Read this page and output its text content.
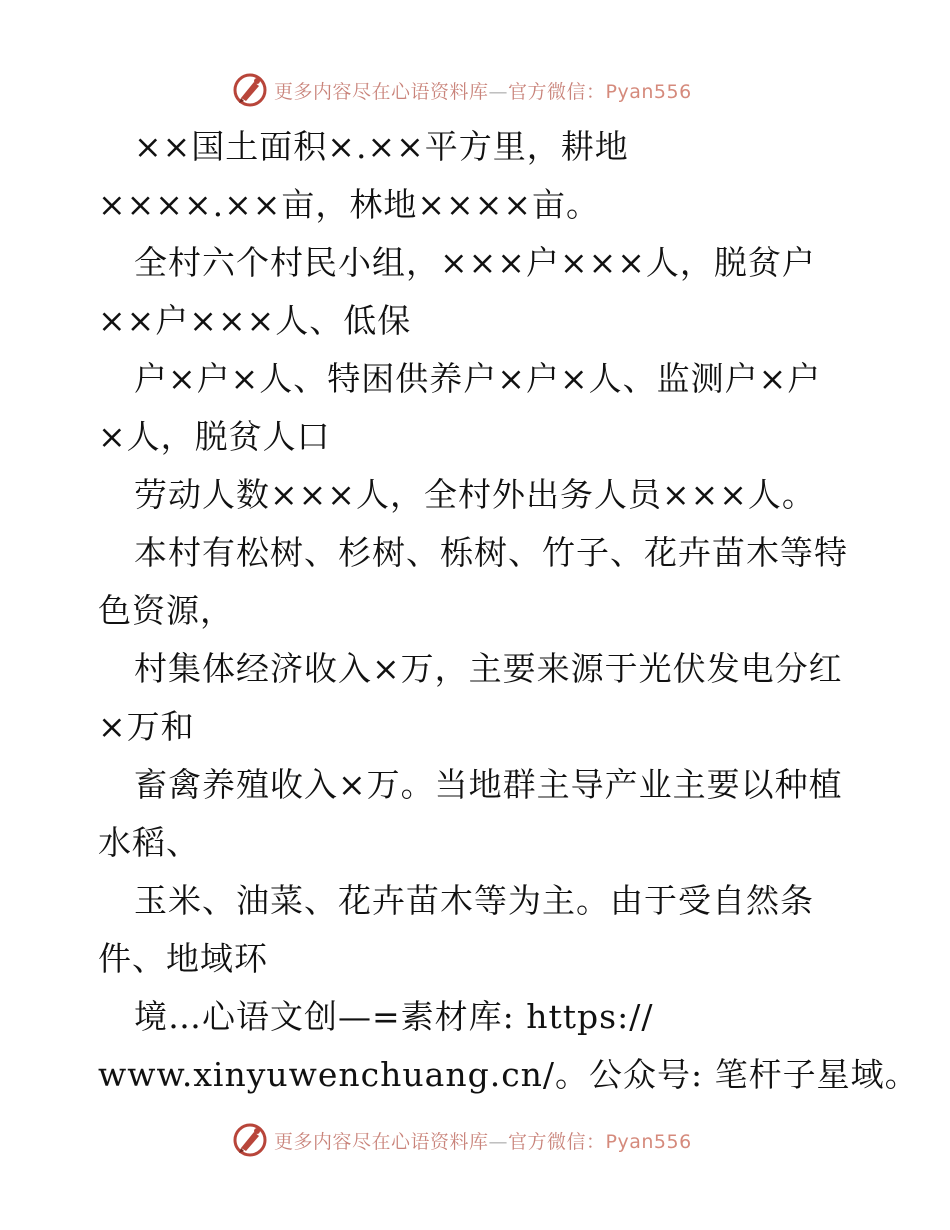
更多内容尽在心语资料库—官方微信：Pyan556
××国土面积×.××平方里，耕地
××××.××亩，林地××××亩。
全村六个村民小组，×××户×××人，脱贫户
××户×××人、低保
户×户×人、特困供养户×户×人、监测户×户
×人，脱贫人口
劳动人数×××人，全村外出务人员×××人。
本村有松树、杉树、栎树、竹子、花卉苗木等特
色资源，
村集体经济收入×万，主要来源于光伏发电分红
×万和
畜禽养殖收入×万。当地群主导产业主要以种植
水稻、
玉米、油菜、花卉苗木等为主。由于受自然条
件、地域环
境…心语文创—=素材库: https://
www.xinyuwenchuang.cn/。公众号: 笔杆子星域。
更多内容尽在心语资料库—官方微信：Pyan556
